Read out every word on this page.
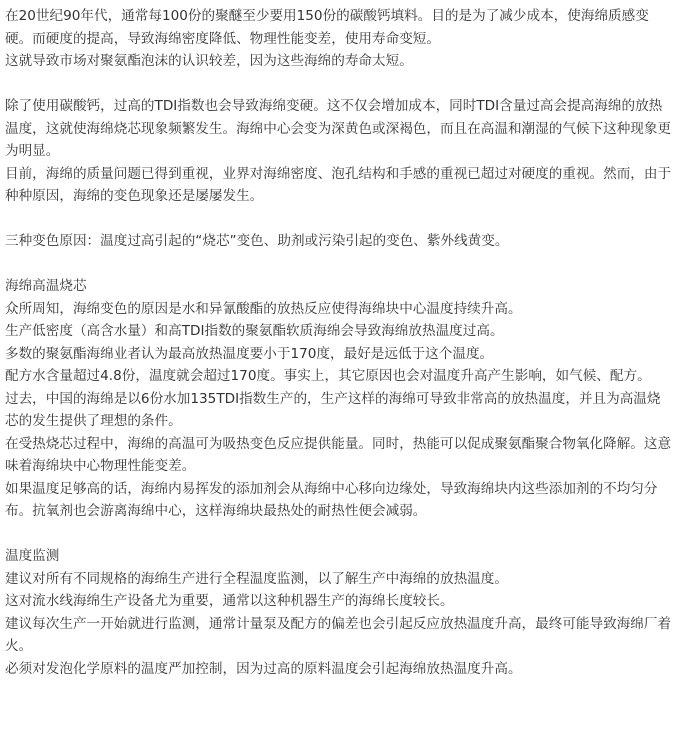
在20世纪90年代，通常每100份的聚醚至少要用150份的碳酸钙填料。目的是为了减少成本，使海绵质感变硬。而硬度的提高，导致海绵密度降低、物理性能变差，使用寿命变短。
这就导致市场对聚氨酯泡沫的认识较差，因为这些海绵的寿命太短。
除了使用碳酸钙，过高的TDI指数也会导致海绵变硬。这不仅会增加成本，同时TDI含量过高会提高海绵的放热温度，这就使海绵烧芯现象频繁发生。海绵中心会变为深黄色或深褐色，而且在高温和潮湿的气候下这种现象更为明显。
目前，海绵的质量问题已得到重视，业界对海绵密度、泡孔结构和手感的重视已超过对硬度的重视。然而，由于种种原因，海绵的变色现象还是屡屡发生。
三种变色原因：温度过高引起的“烧芯”变色、助剂或污染引起的变色、紫外线黄变。
海绵高温烧芯
众所周知，海绵变色的原因是水和异氰酸酯的放热反应使得海绵块中心温度持续升高。
生产低密度（高含水量）和高TDI指数的聚氨酯软质海绵会导致海绵放热温度过高。
多数的聚氨酯海绵业者认为最高放热温度要小于170度，最好是远低于这个温度。
配方水含量超过4.8份，温度就会超过170度。事实上，其它原因也会对温度升高产生影响，如气候、配方。
过去，中国的海绵是以6份水加135TDI指数生产的，生产这样的海绵可导致非常高的放热温度，并且为高温烧芯的发生提供了理想的条件。
在受热烧芯过程中，海绵的高温可为吸热变色反应提供能量。同时，热能可以促成聚氨酯聚合物氧化降解。这意味着海绵块中心物理性能变差。
如果温度足够高的话，海绵内易挥发的添加剂会从海绵中心移向边缘处，导致海绵块内这些添加剂的不均匀分布。抗氧剂也会游离海绵中心，这样海绵块最热处的耐热性便会减弱。
温度监测
建议对所有不同规格的海绵生产进行全程温度监测，以了解生产中海绵的放热温度。
这对流水线海绵生产设备尤为重要，通常以这种机器生产的海绵长度较长。
建议每次生产一开始就进行监测，通常计量泵及配方的偏差也会引起反应放热温度升高，最终可能导致海绵厂着火。
必须对发泡化学原料的温度严加控制，因为过高的原料温度会引起海绵放热温度升高。
